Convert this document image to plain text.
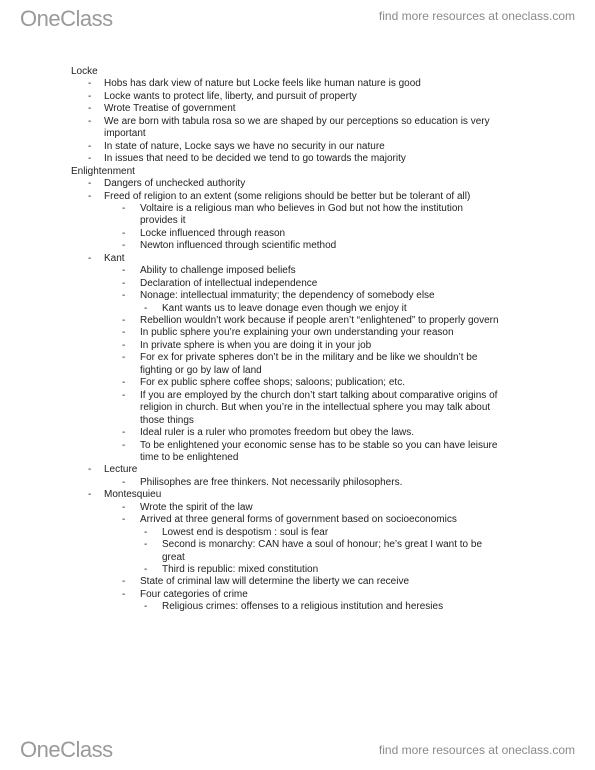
OneClass	find more resources at oneclass.com
Locke
- Hobs has dark view of nature but Locke feels like human nature is good
- Locke wants to protect life, liberty, and pursuit of property
- Wrote Treatise of government
- We are born with tabula rosa so we are shaped by our perceptions so education is very
important
- In state of nature, Locke says we have no security in our nature
- In issues that need to be decided we tend to go towards the majority
Enlightenment
- Dangers of unchecked authority
- Freed of religion to an extent (some religions should be better but be tolerant of all)
- Voltaire is a religious man who believes in God but not how the institution
provides it
- Locke influenced through reason
- Newton influenced through scientific method
- Kant
- Ability to challenge imposed beliefs
- Declaration of intellectual independence
- Nonage: intellectual immaturity; the dependency of somebody else
- Kant wants us to leave donage even though we enjoy it
- Rebellion wouldn’t work because if people aren’t “enlightened” to properly govern
- In public sphere you’re explaining your own understanding your reason
- In private sphere is when you are doing it in your job
- For ex for private spheres don’t be in the military and be like we shouldn’t be
fighting or go by law of land
- For ex public sphere coffee shops; saloons; publication; etc.
- If you are employed by the church don’t start talking about comparative origins of
religion in church. But when you’re in the intellectual sphere you may talk about
those things
- Ideal ruler is a ruler who promotes freedom but obey the laws.
- To be enlightened your economic sense has to be stable so you can have leisure
time to be enlightened
- Lecture
- Philisophes are free thinkers. Not necessarily philosophers.
- Montesquieu
- Wrote the spirit of the law
- Arrived at three general forms of government based on socioeconomics
- Lowest end is despotism : soul is fear
- Second is monarchy: CAN have a soul of honour; he’s great I want to be
great
- Third is republic: mixed constitution
- State of criminal law will determine the liberty we can receive
- Four categories of crime
- Religious crimes: offenses to a religious institution and heresies
OneClass	find more resources at oneclass.com
